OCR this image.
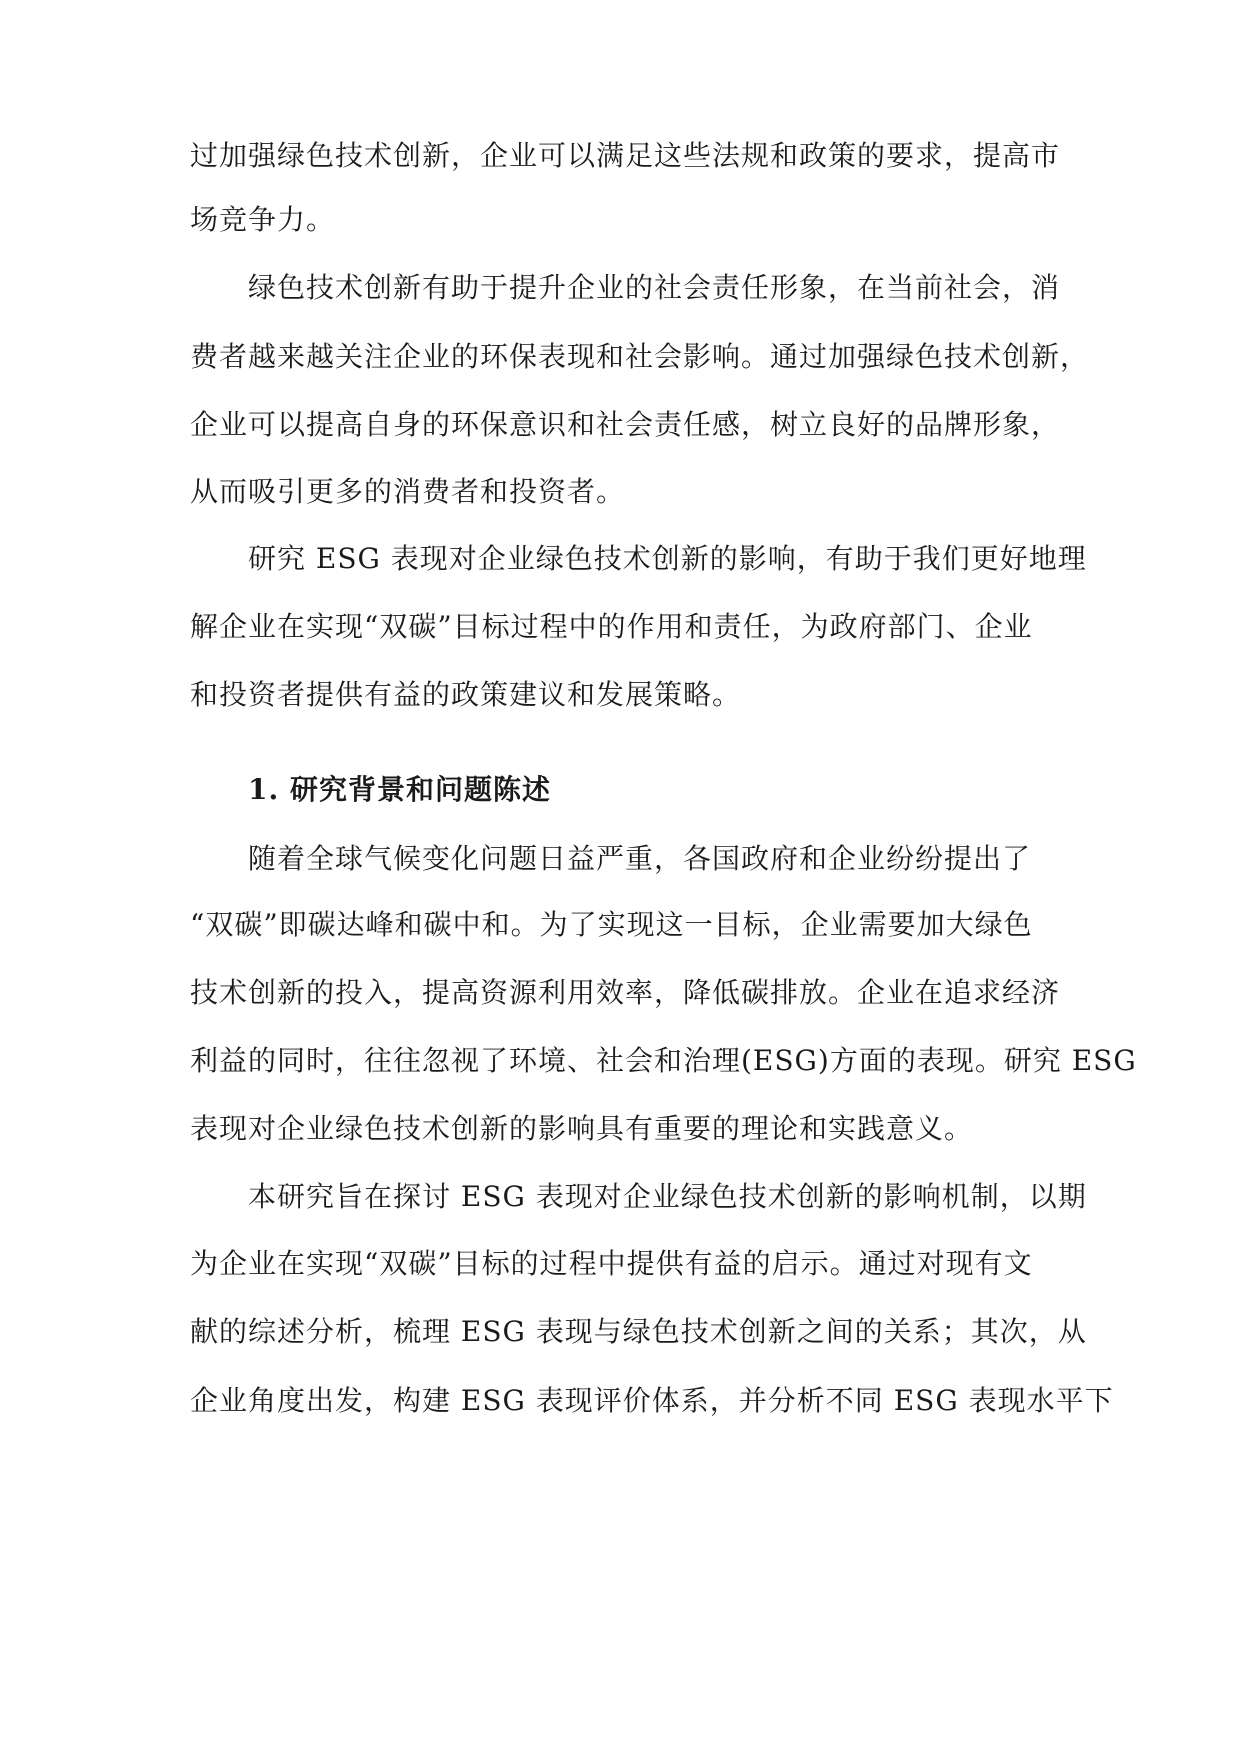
过加强绿色技术创新，企业可以满足这些法规和政策的要求，提高市
场竞争力。
　　绿色技术创新有助于提升企业的社会责任形象，在当前社会，消
费者越来越关注企业的环保表现和社会影响。通过加强绿色技术创新，
企业可以提高自身的环保意识和社会责任感，树立良好的品牌形象，
从而吸引更多的消费者和投资者。
　　研究 ESG 表现对企业绿色技术创新的影响，有助于我们更好地理
解企业在实现“双碳”目标过程中的作用和责任，为政府部门、企业
和投资者提供有益的政策建议和发展策略。
　　1. 研究背景和问题陈述
　　随着全球气候变化问题日益严重，各国政府和企业纷纷提出了
“双碳”即碳达峰和碳中和。为了实现这一目标，企业需要加大绿色
技术创新的投入，提高资源利用效率，降低碳排放。企业在追求经济
利益的同时，往往忽视了环境、社会和治理(ESG)方面的表现。研究 ESG
表现对企业绿色技术创新的影响具有重要的理论和实践意义。
　　本研究旨在探讨 ESG 表现对企业绿色技术创新的影响机制，以期
为企业在实现“双碳”目标的过程中提供有益的启示。通过对现有文
献的综述分析，梳理 ESG 表现与绿色技术创新之间的关系；其次，从
企业角度出发，构建 ESG 表现评价体系，并分析不同 ESG 表现水平下
